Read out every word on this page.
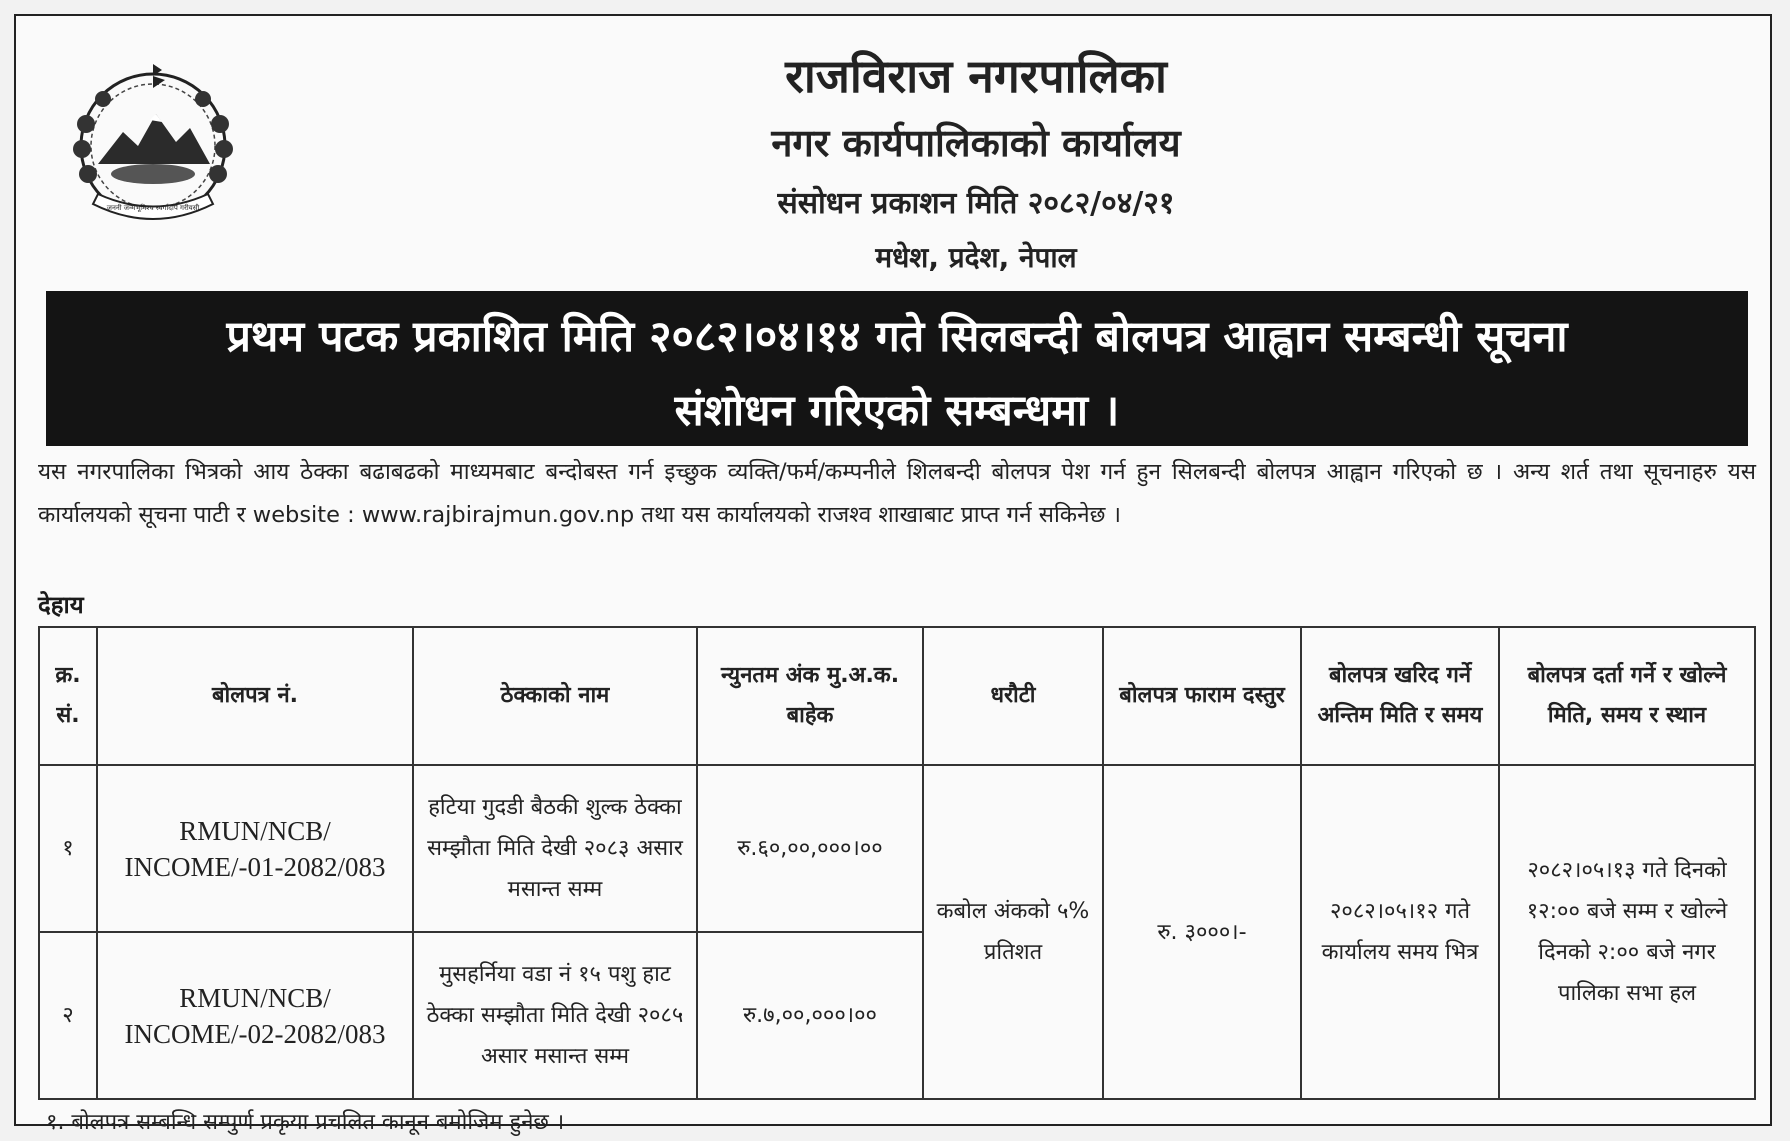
जननी जन्मभूमिश्च स्वर्गादपि गरीयसी
राजविराज नगरपालिका
नगर कार्यपालिकाको कार्यालय
संसोधन प्रकाशन मिति २०८२/०४/२१
मधेश, प्रदेश, नेपाल
प्रथम पटक प्रकाशित मिति २०८२।०४।१४ गते सिलबन्दी बोलपत्र आह्वान सम्बन्धी सूचना
संशोधन गरिएको सम्बन्धमा ।
यस नगरपालिका भित्रको आय ठेक्का बढाबढको माध्यमबाट बन्दोबस्त गर्न इच्छुक व्यक्ति/फर्म/कम्पनीले शिलबन्दी बोलपत्र पेश गर्न हुन सिलबन्दी बोलपत्र आह्वान गरिएको छ । अन्य शर्त तथा सूचनाहरु यस कार्यालयको सूचना पाटी र website : www.rajbirajmun.gov.np तथा यस कार्यालयको राजश्व शाखाबाट प्राप्त गर्न सकिनेछ ।
देहाय
क्र. सं.	बोलपत्र नं.	ठेक्काको नाम	न्युनतम अंक मु.अ.क. बाहेक	धरौटी	बोलपत्र फाराम दस्तुर	बोलपत्र खरिद गर्ने अन्तिम मिति र समय	बोलपत्र दर्ता गर्ने र खोल्ने मिति, समय र स्थान
१	RMUN/NCB/ INCOME/-01-2082/083	हटिया गुदडी बैठकी शुल्क ठेक्का सम्झौता मिति देखी २०८३ असार मसान्त सम्म	रु.६०,००,०००।००	कबोल अंकको ५% प्रतिशत	रु. ३०००।-	२०८२।०५।१२ गते कार्यालय समय भित्र	२०८२।०५।१३ गते दिनको १२:०० बजे सम्म र खोल्ने दिनको २:०० बजे नगर पालिका सभा हल
२	RMUN/NCB/ INCOME/-02-2082/083	मुसहर्निया वडा नं १५ पशु हाट ठेक्का सम्झौता मिति देखी २०८५ असार मसान्त सम्म	रु.७,००,०००।००				
१. बोलपत्र सम्बन्धि सम्पुर्ण प्रकृया प्रचलित कानून बमोजिम हुनेछ ।
